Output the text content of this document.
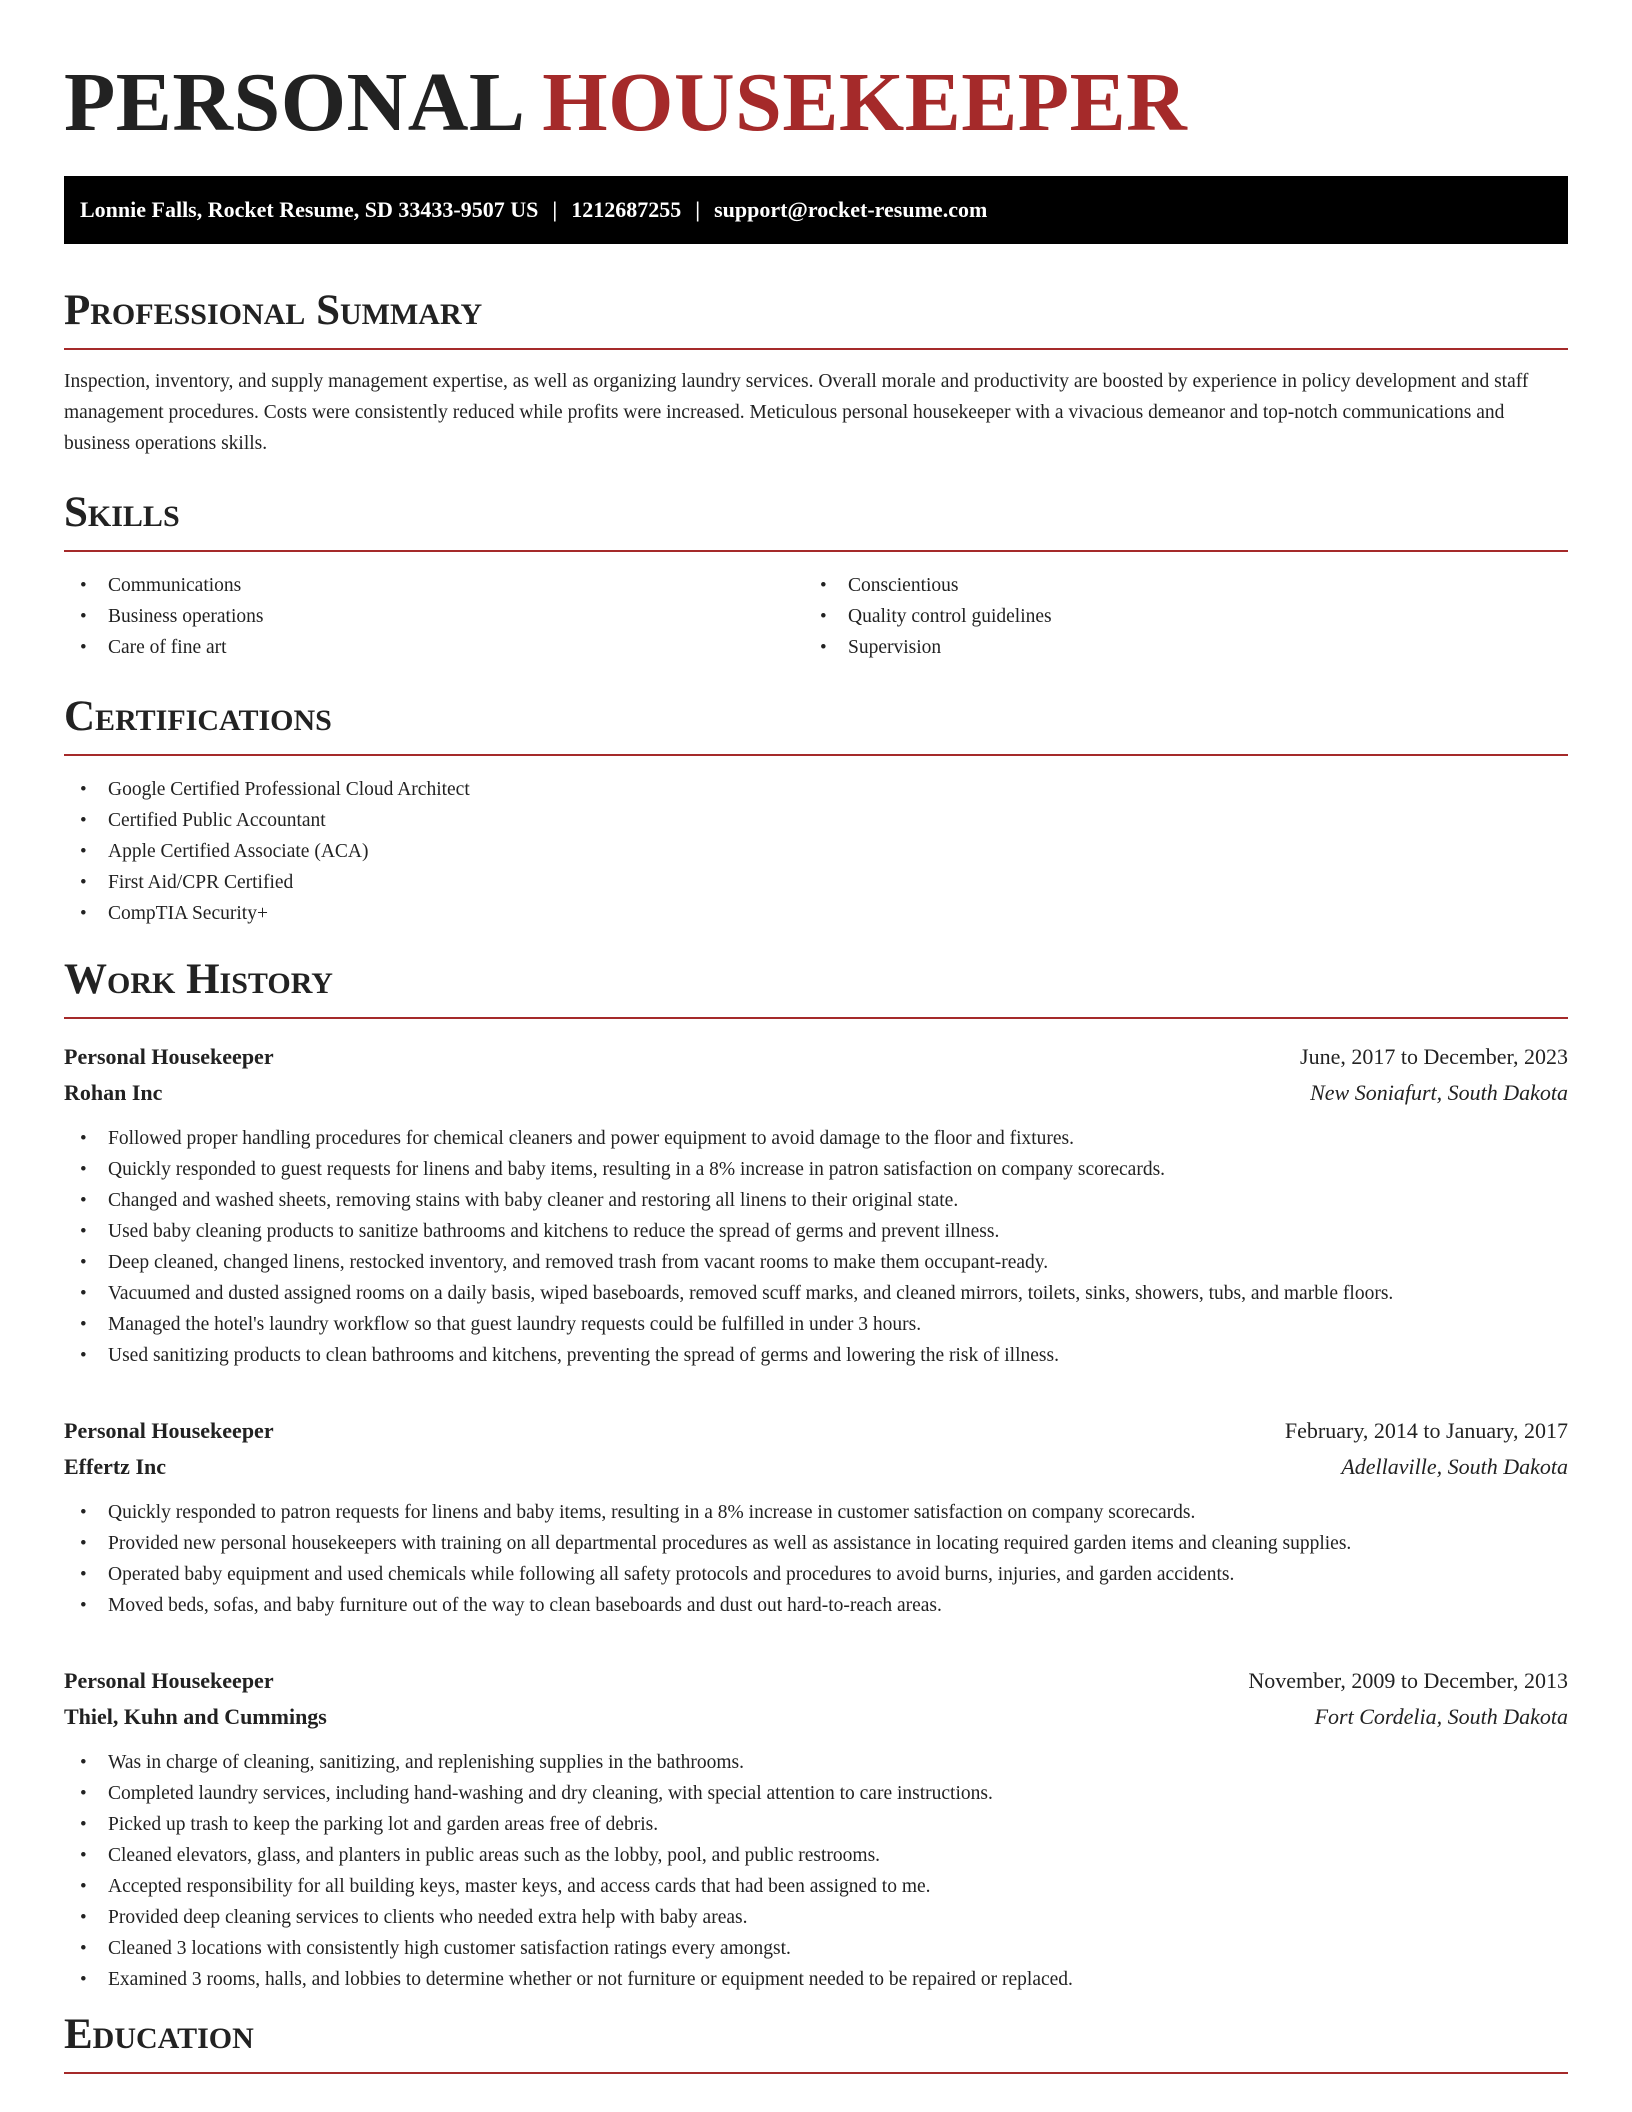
PERSONAL HOUSEKEEPER
Lonnie Falls, Rocket Resume, SD 33433-9507 US | 1212687255 | support@rocket-resume.com
Professional Summary

Inspection, inventory, and supply management expertise, as well as organizing laundry services. Overall morale and productivity are boosted by experience in policy development and staff management procedures. Costs were consistently reduced while profits were increased. Meticulous personal housekeeper with a vivacious demeanor and top-notch communications and business operations skills.

Skills
• Communications
• Business operations
• Care of fine art
• Conscientious
• Quality control guidelines
• Supervision
Certifications
• Google Certified Professional Cloud Architect
• Certified Public Accountant
• Apple Certified Associate (ACA)
• First Aid/CPR Certified
• CompTIA Security+
Work History
Personal Housekeeper	June, 2017 to December, 2023
Rohan Inc	New Soniafurt, South Dakota
• Followed proper handling procedures for chemical cleaners and power equipment to avoid damage to the floor and fixtures.
• Quickly responded to guest requests for linens and baby items, resulting in a 8% increase in patron satisfaction on company scorecards.
• Changed and washed sheets, removing stains with baby cleaner and restoring all linens to their original state.
• Used baby cleaning products to sanitize bathrooms and kitchens to reduce the spread of germs and prevent illness.
• Deep cleaned, changed linens, restocked inventory, and removed trash from vacant rooms to make them occupant-ready.
• Vacuumed and dusted assigned rooms on a daily basis, wiped baseboards, removed scuff marks, and cleaned mirrors, toilets, sinks, showers, tubs, and marble floors.
• Managed the hotel's laundry workflow so that guest laundry requests could be fulfilled in under 3 hours.
• Used sanitizing products to clean bathrooms and kitchens, preventing the spread of germs and lowering the risk of illness.
Personal Housekeeper	February, 2014 to January, 2017
Effertz Inc	Adellaville, South Dakota
• Quickly responded to patron requests for linens and baby items, resulting in a 8% increase in customer satisfaction on company scorecards.
• Provided new personal housekeepers with training on all departmental procedures as well as assistance in locating required garden items and cleaning supplies.
• Operated baby equipment and used chemicals while following all safety protocols and procedures to avoid burns, injuries, and garden accidents.
• Moved beds, sofas, and baby furniture out of the way to clean baseboards and dust out hard-to-reach areas.
Personal Housekeeper	November, 2009 to December, 2013
Thiel, Kuhn and Cummings	Fort Cordelia, South Dakota
• Was in charge of cleaning, sanitizing, and replenishing supplies in the bathrooms.
• Completed laundry services, including hand-washing and dry cleaning, with special attention to care instructions.
• Picked up trash to keep the parking lot and garden areas free of debris.
• Cleaned elevators, glass, and planters in public areas such as the lobby, pool, and public restrooms.
• Accepted responsibility for all building keys, master keys, and access cards that had been assigned to me.
• Provided deep cleaning services to clients who needed extra help with baby areas.
• Cleaned 3 locations with consistently high customer satisfaction ratings every amongst.
• Examined 3 rooms, halls, and lobbies to determine whether or not furniture or equipment needed to be repaired or replaced.
Education
